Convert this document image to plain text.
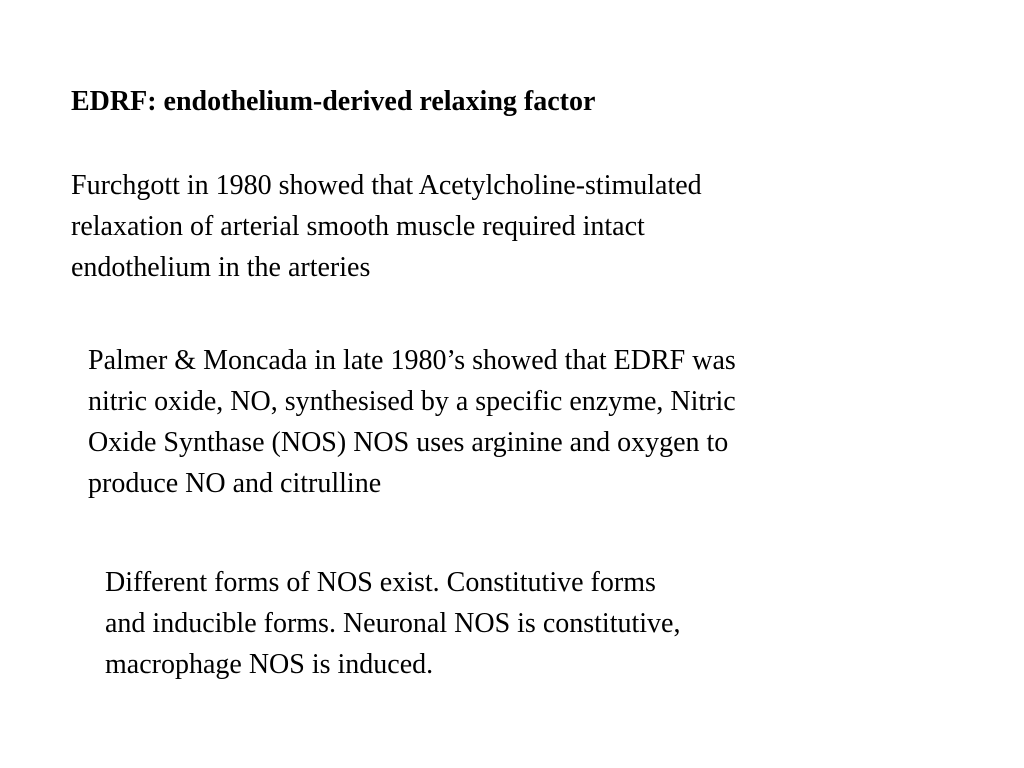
EDRF: endothelium-derived relaxing factor

Furchgott in 1980 showed that Acetylcholine-stimulated
relaxation of arterial smooth muscle required intact
endothelium in the arteries

Palmer & Moncada in late 1980’s showed that EDRF was
nitric oxide, NO, synthesised by a specific enzyme, Nitric
Oxide Synthase (NOS) NOS uses arginine and oxygen to
produce NO and citrulline

Different forms of NOS exist. Constitutive forms
and inducible forms. Neuronal NOS is constitutive,
macrophage NOS is induced.
